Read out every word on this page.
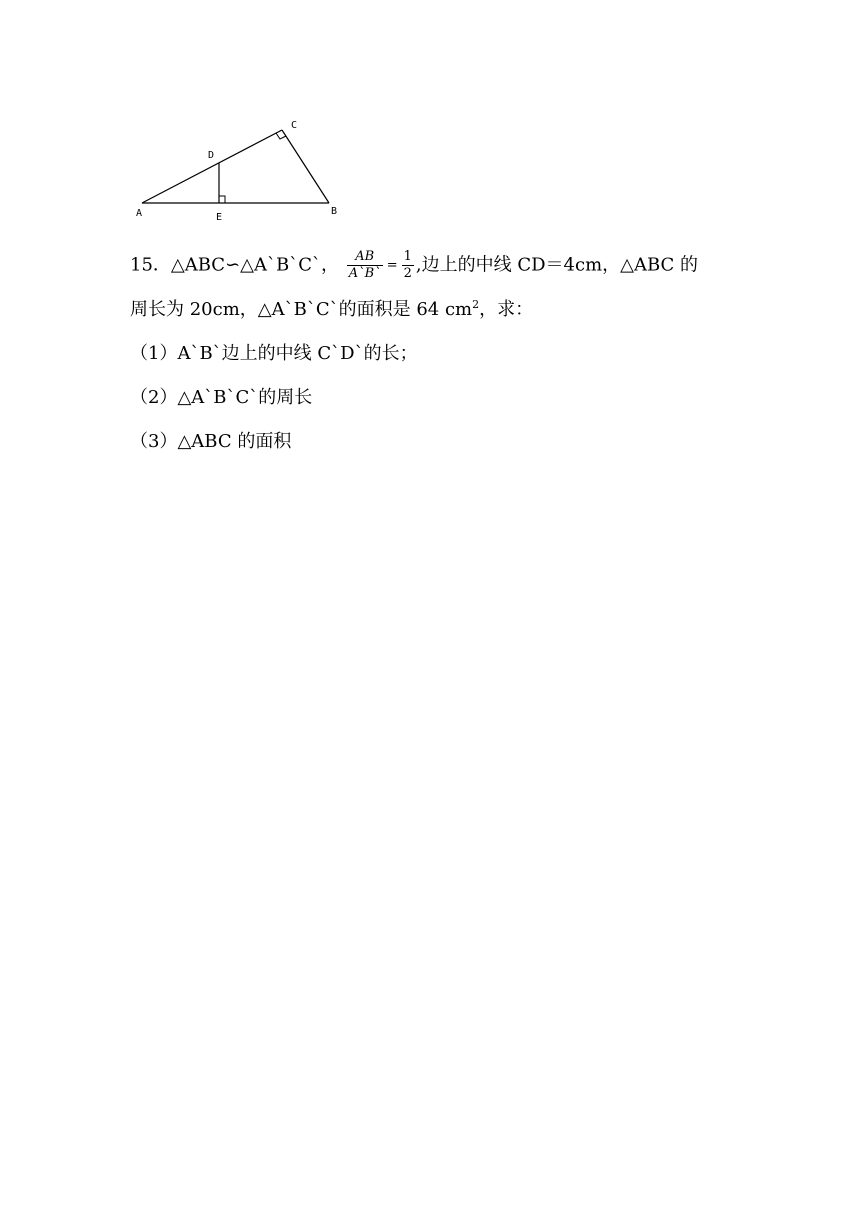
A	B
C
D
E
15．△ABC∽△A`B`C`， $\frac{AB}{A`B`} = \frac{1}{2}$ ,边上的中线 CD＝4cm，△ABC 的
周长为 20cm，△A`B`C`的面积是 64 $cm^2$，求：
（1）A`B`边上的中线 C`D`的长；
（2）△A`B`C`的周长
（3）△ABC 的面积
